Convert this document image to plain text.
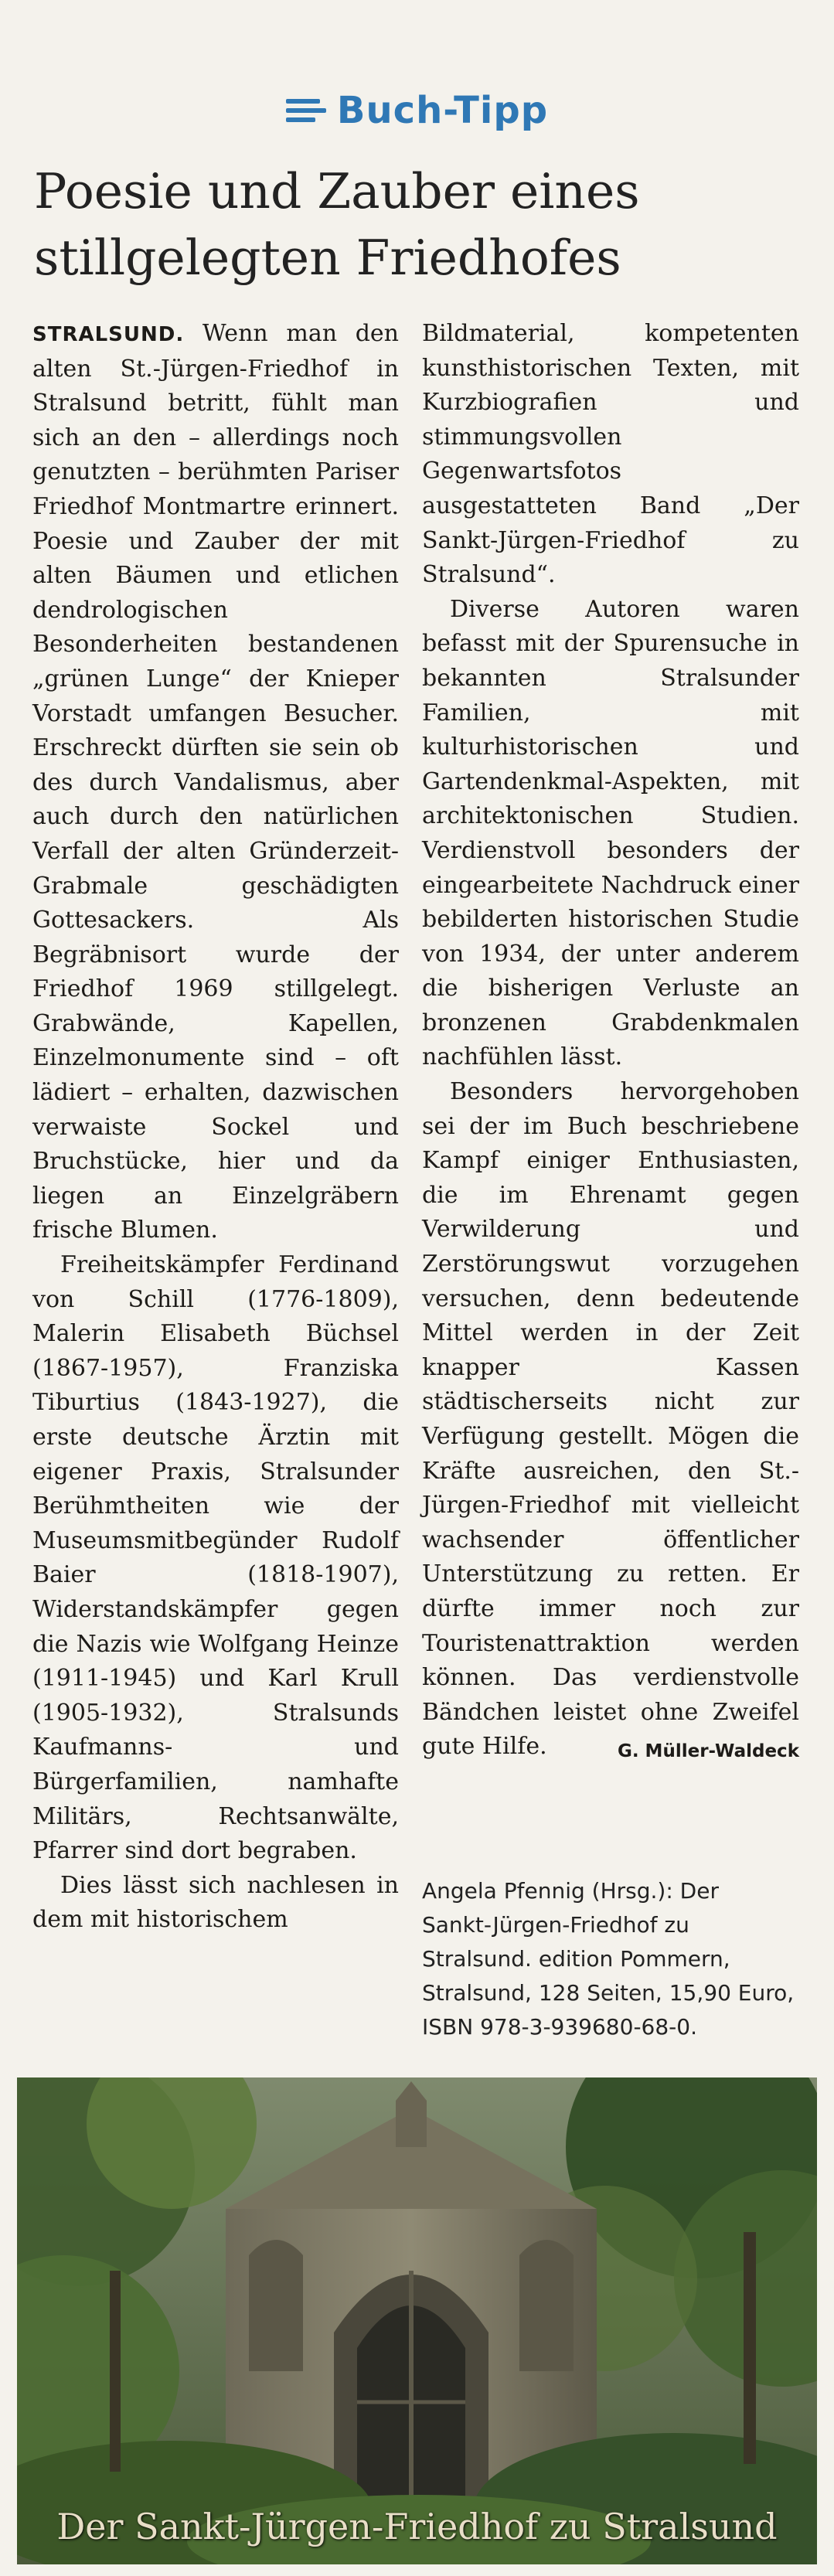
Buch-Tipp
Poesie und Zauber eines stillgelegten Friedhofes

STRALSUND. Wenn man den alten St.-Jürgen-Friedhof in Stralsund betritt, fühlt man sich an den – allerdings noch genutzten – berühmten Pariser Friedhof Montmartre erinnert. Poesie und Zauber der mit alten Bäumen und etlichen dendrologischen Besonderheiten bestandenen „grünen Lunge“ der Knieper Vorstadt umfangen Besucher. Erschreckt dürften sie sein ob des durch Vandalismus, aber auch durch den natürlichen Verfall der alten Gründerzeit-Grabmale geschädigten Gottesackers. Als Begräbnisort wurde der Friedhof 1969 stillgelegt. Grabwände, Kapellen, Einzelmonumente sind – oft lädiert – erhalten, dazwischen verwaiste Sockel und Bruchstücke, hier und da liegen an Einzelgräbern frische Blumen.

Freiheitskämpfer Ferdinand von Schill (1776-1809), Malerin Elisabeth Büchsel (1867-1957), Franziska Tiburtius (1843-1927), die erste deutsche Ärztin mit eigener Praxis, Stralsunder Berühmtheiten wie der Museumsmitbegünder Rudolf Baier (1818-1907), Widerstandskämpfer gegen die Nazis wie Wolfgang Heinze (1911-1945) und Karl Krull (1905-1932), Stralsunds Kaufmanns- und Bürgerfamilien, namhafte Militärs, Rechtsanwälte, Pfarrer sind dort begraben.

Dies lässt sich nachlesen in dem mit historischem

Bildmaterial, kompetenten kunsthistorischen Texten, mit Kurzbiografien und stimmungsvollen Gegenwartsfotos ausgestatteten Band „Der Sankt-Jürgen-Friedhof zu Stralsund“.

Diverse Autoren waren befasst mit der Spurensuche in bekannten Stralsunder Familien, mit kulturhistorischen und Gartendenkmal-Aspekten, mit architektonischen Studien. Verdienstvoll besonders der eingearbeitete Nachdruck einer bebilderten historischen Studie von 1934, der unter anderem die bisherigen Verluste an bronzenen Grabdenkmalen nachfühlen lässt.

Besonders hervorgehoben sei der im Buch beschriebene Kampf einiger Enthusiasten, die im Ehrenamt gegen Verwilderung und Zerstörungswut vorzugehen versuchen, denn bedeutende Mittel werden in der Zeit knapper Kassen städtischerseits nicht zur Verfügung gestellt. Mögen die Kräfte ausreichen, den St.-Jürgen-Friedhof mit vielleicht wachsender öffentlicher Unterstützung zu retten. Er dürfte immer noch zur Touristenattraktion werden können. Das verdienstvolle Bändchen leistet ohne Zweifel gute Hilfe.	G. Müller-Waldeck

Angela Pfennig (Hrsg.): Der
Sankt-Jürgen-Friedhof zu
Stralsund. edition Pommern,
Stralsund, 128 Seiten, 15,90 Euro,
ISBN 978-3-939680-68-0.
Der Sankt-Jürgen-Friedhof zu Stralsund
